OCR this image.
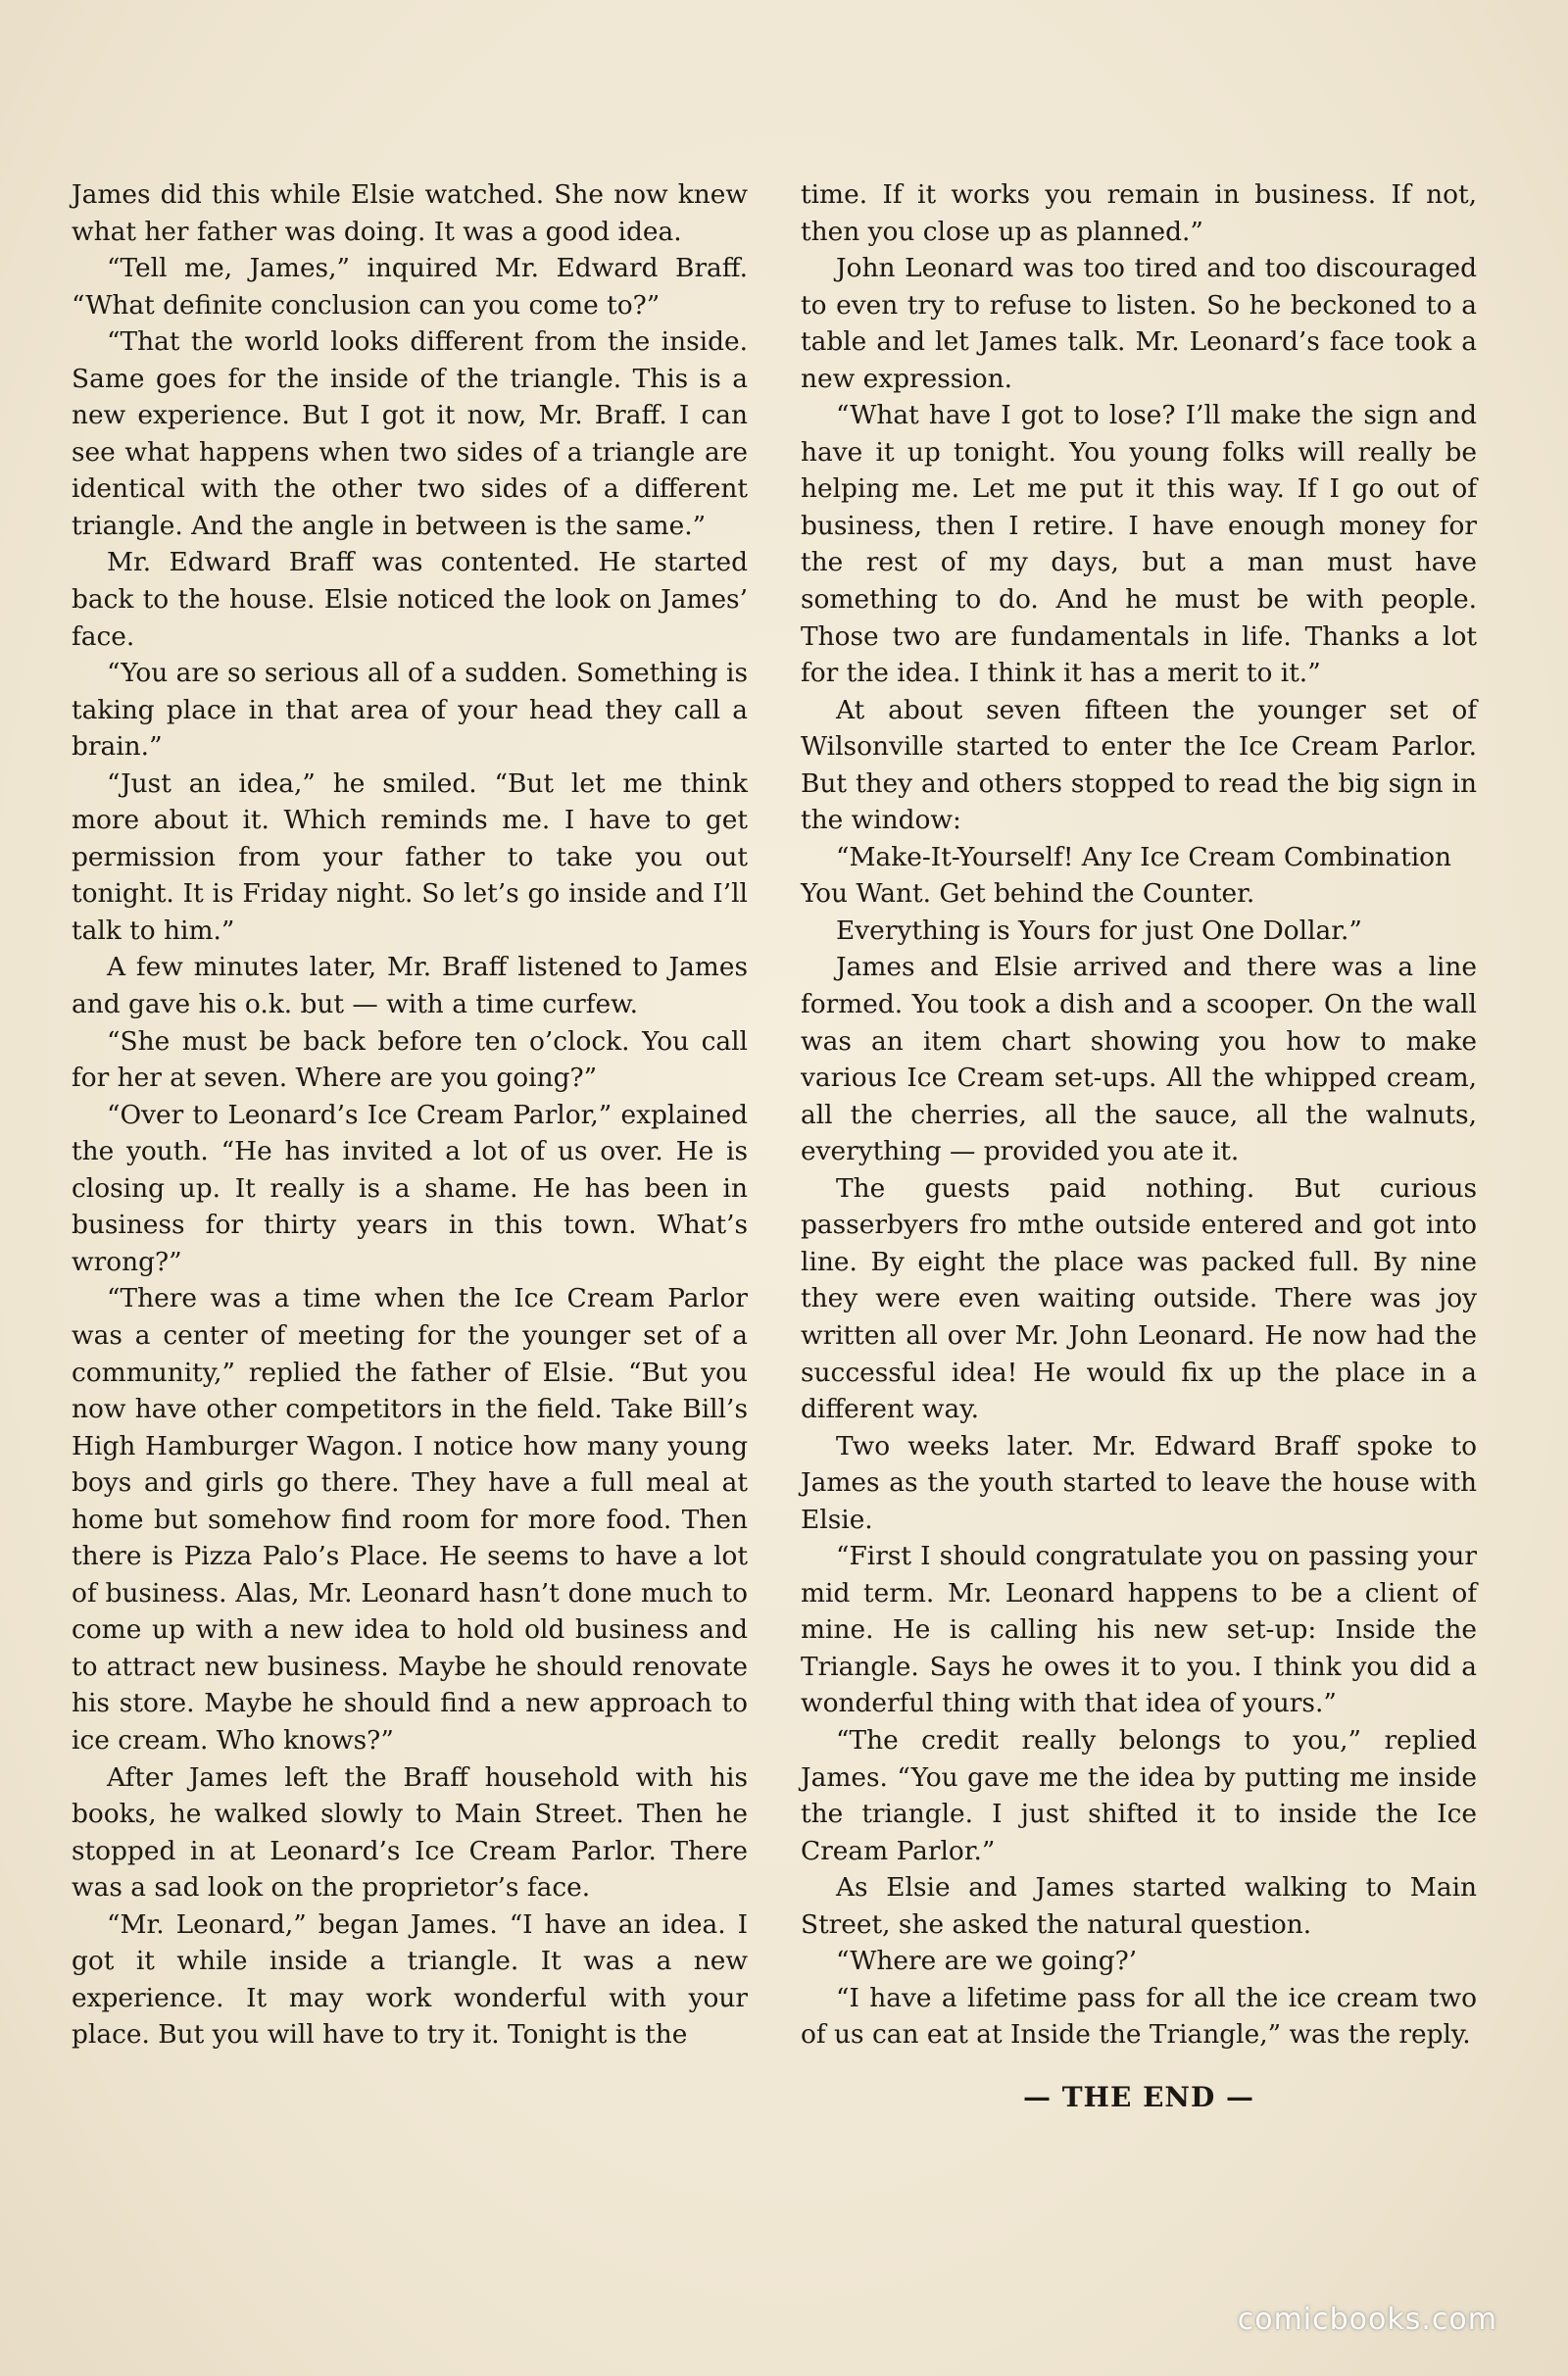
James did this while Elsie watched. She now knew what her father was doing. It was a good idea.

“Tell me, James,” inquired Mr. Edward Braff. “What definite conclusion can you come to?”

“That the world looks different from the inside. Same goes for the inside of the triangle. This is a new experience. But I got it now, Mr. Braff. I can see what happens when two sides of a triangle are identical with the other two sides of a different triangle. And the angle in between is the same.”

Mr. Edward Braff was contented. He started back to the house. Elsie noticed the look on James’ face.

“You are so serious all of a sudden. Something is taking place in that area of your head they call a brain.”

“Just an idea,” he smiled. “But let me think more about it. Which reminds me. I have to get permission from your father to take you out tonight. It is Friday night. So let’s go inside and I’ll talk to him.”

A few minutes later, Mr. Braff listened to James and gave his o.k. but — with a time curfew.

“She must be back before ten o’clock. You call for her at seven. Where are you going?”

“Over to Leonard’s Ice Cream Parlor,” explained the youth. “He has invited a lot of us over. He is closing up. It really is a shame. He has been in business for thirty years in this town. What’s wrong?”

“There was a time when the Ice Cream Parlor was a center of meeting for the younger set of a community,” replied the father of Elsie. “But you now have other competitors in the field. Take Bill’s High Hamburger Wagon. I notice how many young boys and girls go there. They have a full meal at home but somehow find room for more food. Then there is Pizza Palo’s Place. He seems to have a lot of business. Alas, Mr. Leonard hasn’t done much to come up with a new idea to hold old business and to attract new business. Maybe he should renovate his store. Maybe he should find a new approach to ice cream. Who knows?”

After James left the Braff household with his books, he walked slowly to Main Street. Then he stopped in at Leonard’s Ice Cream Parlor. There was a sad look on the proprietor’s face.

“Mr. Leonard,” began James. “I have an idea. I got it while inside a triangle. It was a new experience. It may work wonderful with your place. But you will have to try it. Tonight is the

time. If it works you remain in business. If not, then you close up as planned.”

John Leonard was too tired and too discouraged to even try to refuse to listen. So he beckoned to a table and let James talk. Mr. Leonard’s face took a new expression.

“What have I got to lose? I’ll make the sign and have it up tonight. You young folks will really be helping me. Let me put it this way. If I go out of business, then I retire. I have enough money for the rest of my days, but a man must have something to do. And he must be with people. Those two are fundamentals in life. Thanks a lot for the idea. I think it has a merit to it.”

At about seven fifteen the younger set of Wilsonville started to enter the Ice Cream Parlor. But they and others stopped to read the big sign in the window:

“Make-It-Yourself! Any Ice Cream Combination You Want. Get behind the Counter.

Everything is Yours for just One Dollar.”

James and Elsie arrived and there was a line formed. You took a dish and a scooper. On the wall was an item chart showing you how to make various Ice Cream set-ups. All the whipped cream, all the cherries, all the sauce, all the walnuts, everything — provided you ate it.

The guests paid nothing. But curious passerbyers fro mthe outside entered and got into line. By eight the place was packed full. By nine they were even waiting outside. There was joy written all over Mr. John Leonard. He now had the successful idea! He would fix up the place in a different way.

Two weeks later. Mr. Edward Braff spoke to James as the youth started to leave the house with Elsie.

“First I should congratulate you on passing your mid term. Mr. Leonard happens to be a client of mine. He is calling his new set-up: Inside the Triangle. Says he owes it to you. I think you did a wonderful thing with that idea of yours.”

“The credit really belongs to you,” replied James. “You gave me the idea by putting me inside the triangle. I just shifted it to inside the Ice Cream Parlor.”

As Elsie and James started walking to Main Street, she asked the natural question.

“Where are we going?’

“I have a lifetime pass for all the ice cream two of us can eat at Inside the Triangle,” was the reply.

— THE END —
comicbooks.com
